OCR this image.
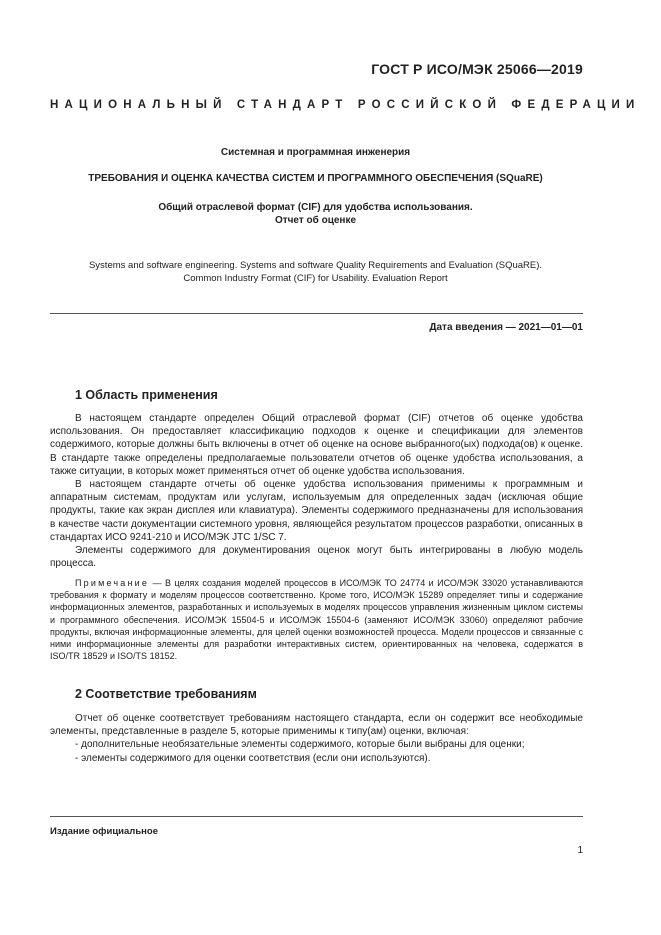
ГОСТ Р ИСО/МЭК 25066—2019
НАЦИОНАЛЬНЫЙ СТАНДАРТ РОССИЙСКОЙ ФЕДЕРАЦИИ
Системная и программная инженерия
ТРЕБОВАНИЯ И ОЦЕНКА КАЧЕСТВА СИСТЕМ И ПРОГРАММНОГО ОБЕСПЕЧЕНИЯ (SQuaRE)
Общий отраслевой формат (CIF) для удобства использования.
Отчет об оценке
Systems and software engineering. Systems and software Quality Requirements and Evaluation (SQuaRE).
Common Industry Format (CIF) for Usability. Evaluation Report
Дата введения — 2021—01—01
1 Область применения

В настоящем стандарте определен Общий отраслевой формат (CIF) отчетов об оценке удобства использования. Он предоставляет классификацию подходов к оценке и спецификации для элементов содержимого, которые должны быть включены в отчет об оценке на основе выбранного(ых) подхода(ов) к оценке. В стандарте также определены предполагаемые пользователи отчетов об оценке удобства использования, а также ситуации, в которых может применяться отчет об оценке удобства использования.

В настоящем стандарте отчеты об оценке удобства использования применимы к программным и аппаратным системам, продуктам или услугам, используемым для определенных задач (исключая общие продукты, такие как экран дисплея или клавиатура). Элементы содержимого предназначены для использования в качестве части документации системного уровня, являющейся результатом процессов разработки, описанных в стандартах ИСО 9241-210 и ИСО/МЭК JTC 1/SC 7.

Элементы содержимого для документирования оценок могут быть интегрированы в любую модель процесса.

Примечание — В целях создания моделей процессов в ИСО/МЭК ТО 24774 и ИСО/МЭК 33020 устанавливаются требования к формату и моделям процессов соответственно. Кроме того, ИСО/МЭК 15289 определяет типы и содержание информационных элементов, разработанных и используемых в моделях процессов управления жизненным циклом системы и программного обеспечения. ИСО/МЭК 15504-5 и ИСО/МЭК 15504-6 (заменяют ИСО/МЭК 33060) определяют рабочие продукты, включая информационные элементы, для целей оценки возможностей процесса. Модели процессов и связанные с ними информационные элементы для разработки интерактивных систем, ориентированных на человека, содержатся в ISO/TR 18529 и ISO/TS 18152.

2 Соответствие требованиям

Отчет об оценке соответствует требованиям настоящего стандарта, если он содержит все необходимые элементы, представленные в разделе 5, которые применимы к типу(ам) оценки, включая:

- дополнительные необязательные элементы содержимого, которые были выбраны для оценки;

- элементы содержимого для оценки соответствия (если они используются).

Издание официальное
1
